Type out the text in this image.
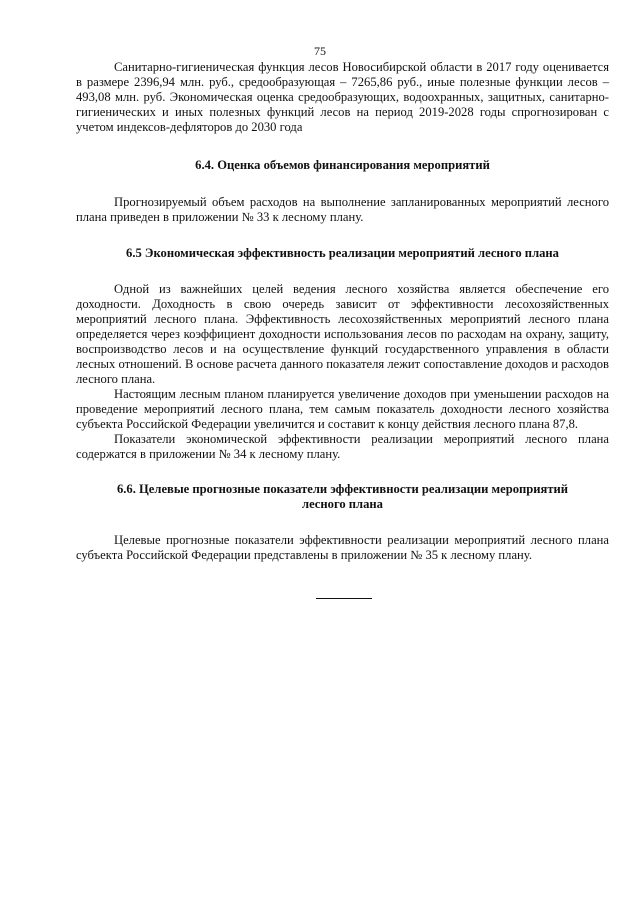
75

Санитарно-гигиеническая функция лесов Новосибирской области в 2017 году оценивается в размере 2396,94 млн. руб., средообразующая – 7265,86 руб., иные полезные функции лесов – 493,08 млн. руб. Экономическая оценка средообразующих, водоохранных, защитных, санитарно-гигиенических и иных полезных функций лесов на период 2019-2028 годы спрогнозирован с учетом индексов-дефляторов до 2030 года

6.4. Оценка объемов финансирования мероприятий

Прогнозируемый объем расходов на выполнение запланированных мероприятий лесного плана приведен в приложении № 33 к лесному плану.

6.5 Экономическая эффективность реализации мероприятий лесного плана

Одной из важнейших целей ведения лесного хозяйства является обеспечение его доходности. Доходность в свою очередь зависит от эффективности лесохозяйственных мероприятий лесного плана. Эффективность лесохозяйственных мероприятий лесного плана определяется через коэффициент доходности использования лесов по расходам на охрану, защиту, воспроизводство лесов и на осуществление функций государственного управления в области лесных отношений. В основе расчета данного показателя лежит сопоставление доходов и расходов лесного плана.

Настоящим лесным планом планируется увеличение доходов при уменьшении расходов на проведение мероприятий лесного плана, тем самым показатель доходности лесного хозяйства субъекта Российской Федерации увеличится и составит к концу действия лесного плана 87,8.

Показатели экономической эффективности реализации мероприятий лесного плана содержатся в приложении № 34 к лесному плану.

6.6. Целевые прогнозные показатели эффективности реализации мероприятий лесного плана

Целевые прогнозные показатели эффективности реализации мероприятий лесного плана субъекта Российской Федерации представлены в приложении № 35 к лесному плану.
